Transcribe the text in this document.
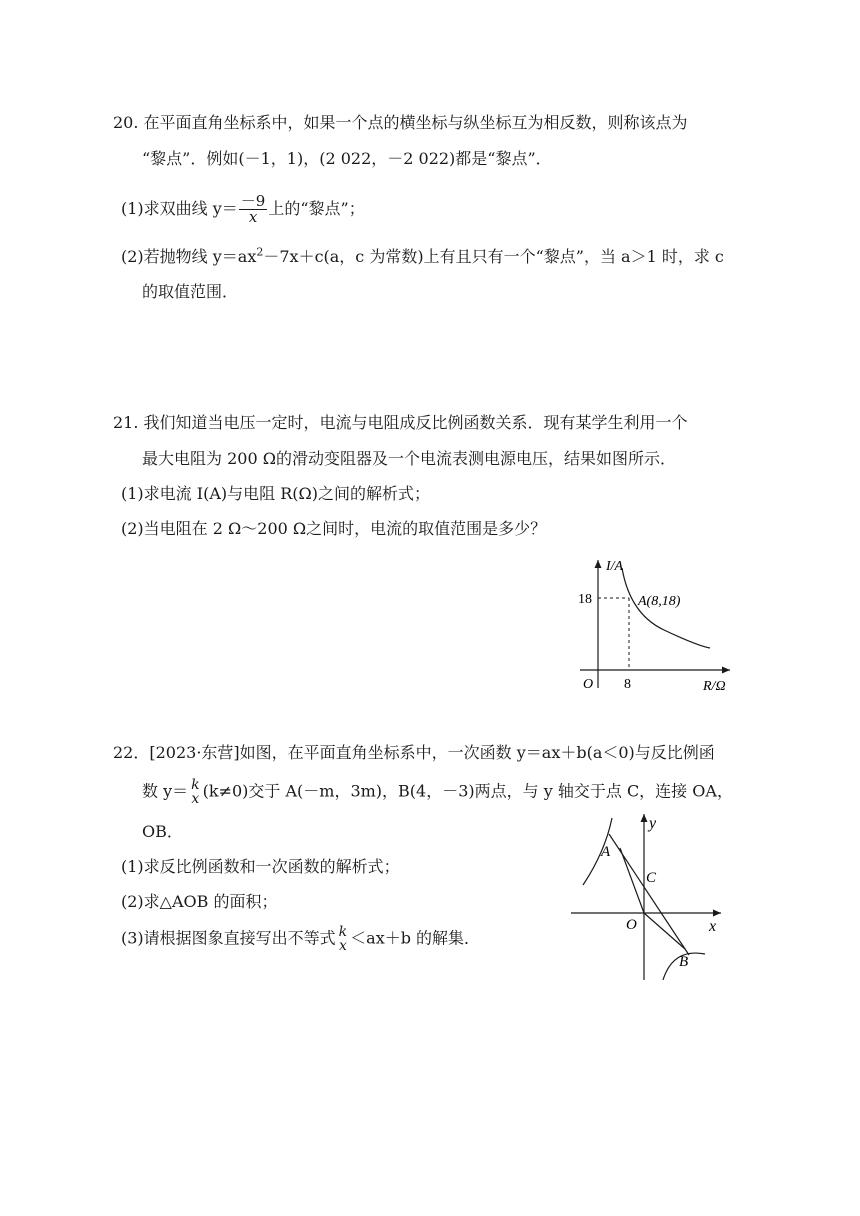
20. 在平面直角坐标系中，如果一个点的横坐标与纵坐标互为相反数，则称该点为
“黎点”．例如(－1，1)，(2 022，－2 022)都是“黎点”．
(1)求双曲线 $y= \frac{-9}{x}$ 上的“黎点”；
(2)若抛物线 $y=ax^2-7x+c(a$，c 为常数)上有且只有一个“黎点”，当 a＞1 时，求 c
的取值范围．
21. 我们知道当电压一定时，电流与电阻成反比例函数关系．现有某学生利用一个
最大电阻为 200 Ω的滑动变阻器及一个电流表测电源电压，结果如图所示．
(1)求电流 I(A)与电阻 R(Ω)之间的解析式；
(2)当电阻在 2 Ω～200 Ω之间时，电流的取值范围是多少？
I/A
18	A(8,18)
O 8	R/Ω
22．[2023·东营]如图，在平面直角坐标系中，一次函数 y＝ax＋b(a＜0)与反比例函
数 y＝ k
x (k≠0)交于 A(－m，3m)，B(4，－3)两点，与 y 轴交于点 C，连接 OA，
OB．
(1)求反比例函数和一次函数的解析式；
(2)求△AOB 的面积；
(3)请根据图象直接写出不等式 k
x ＜ax＋b 的解集．
y
x
A
C
O
B
